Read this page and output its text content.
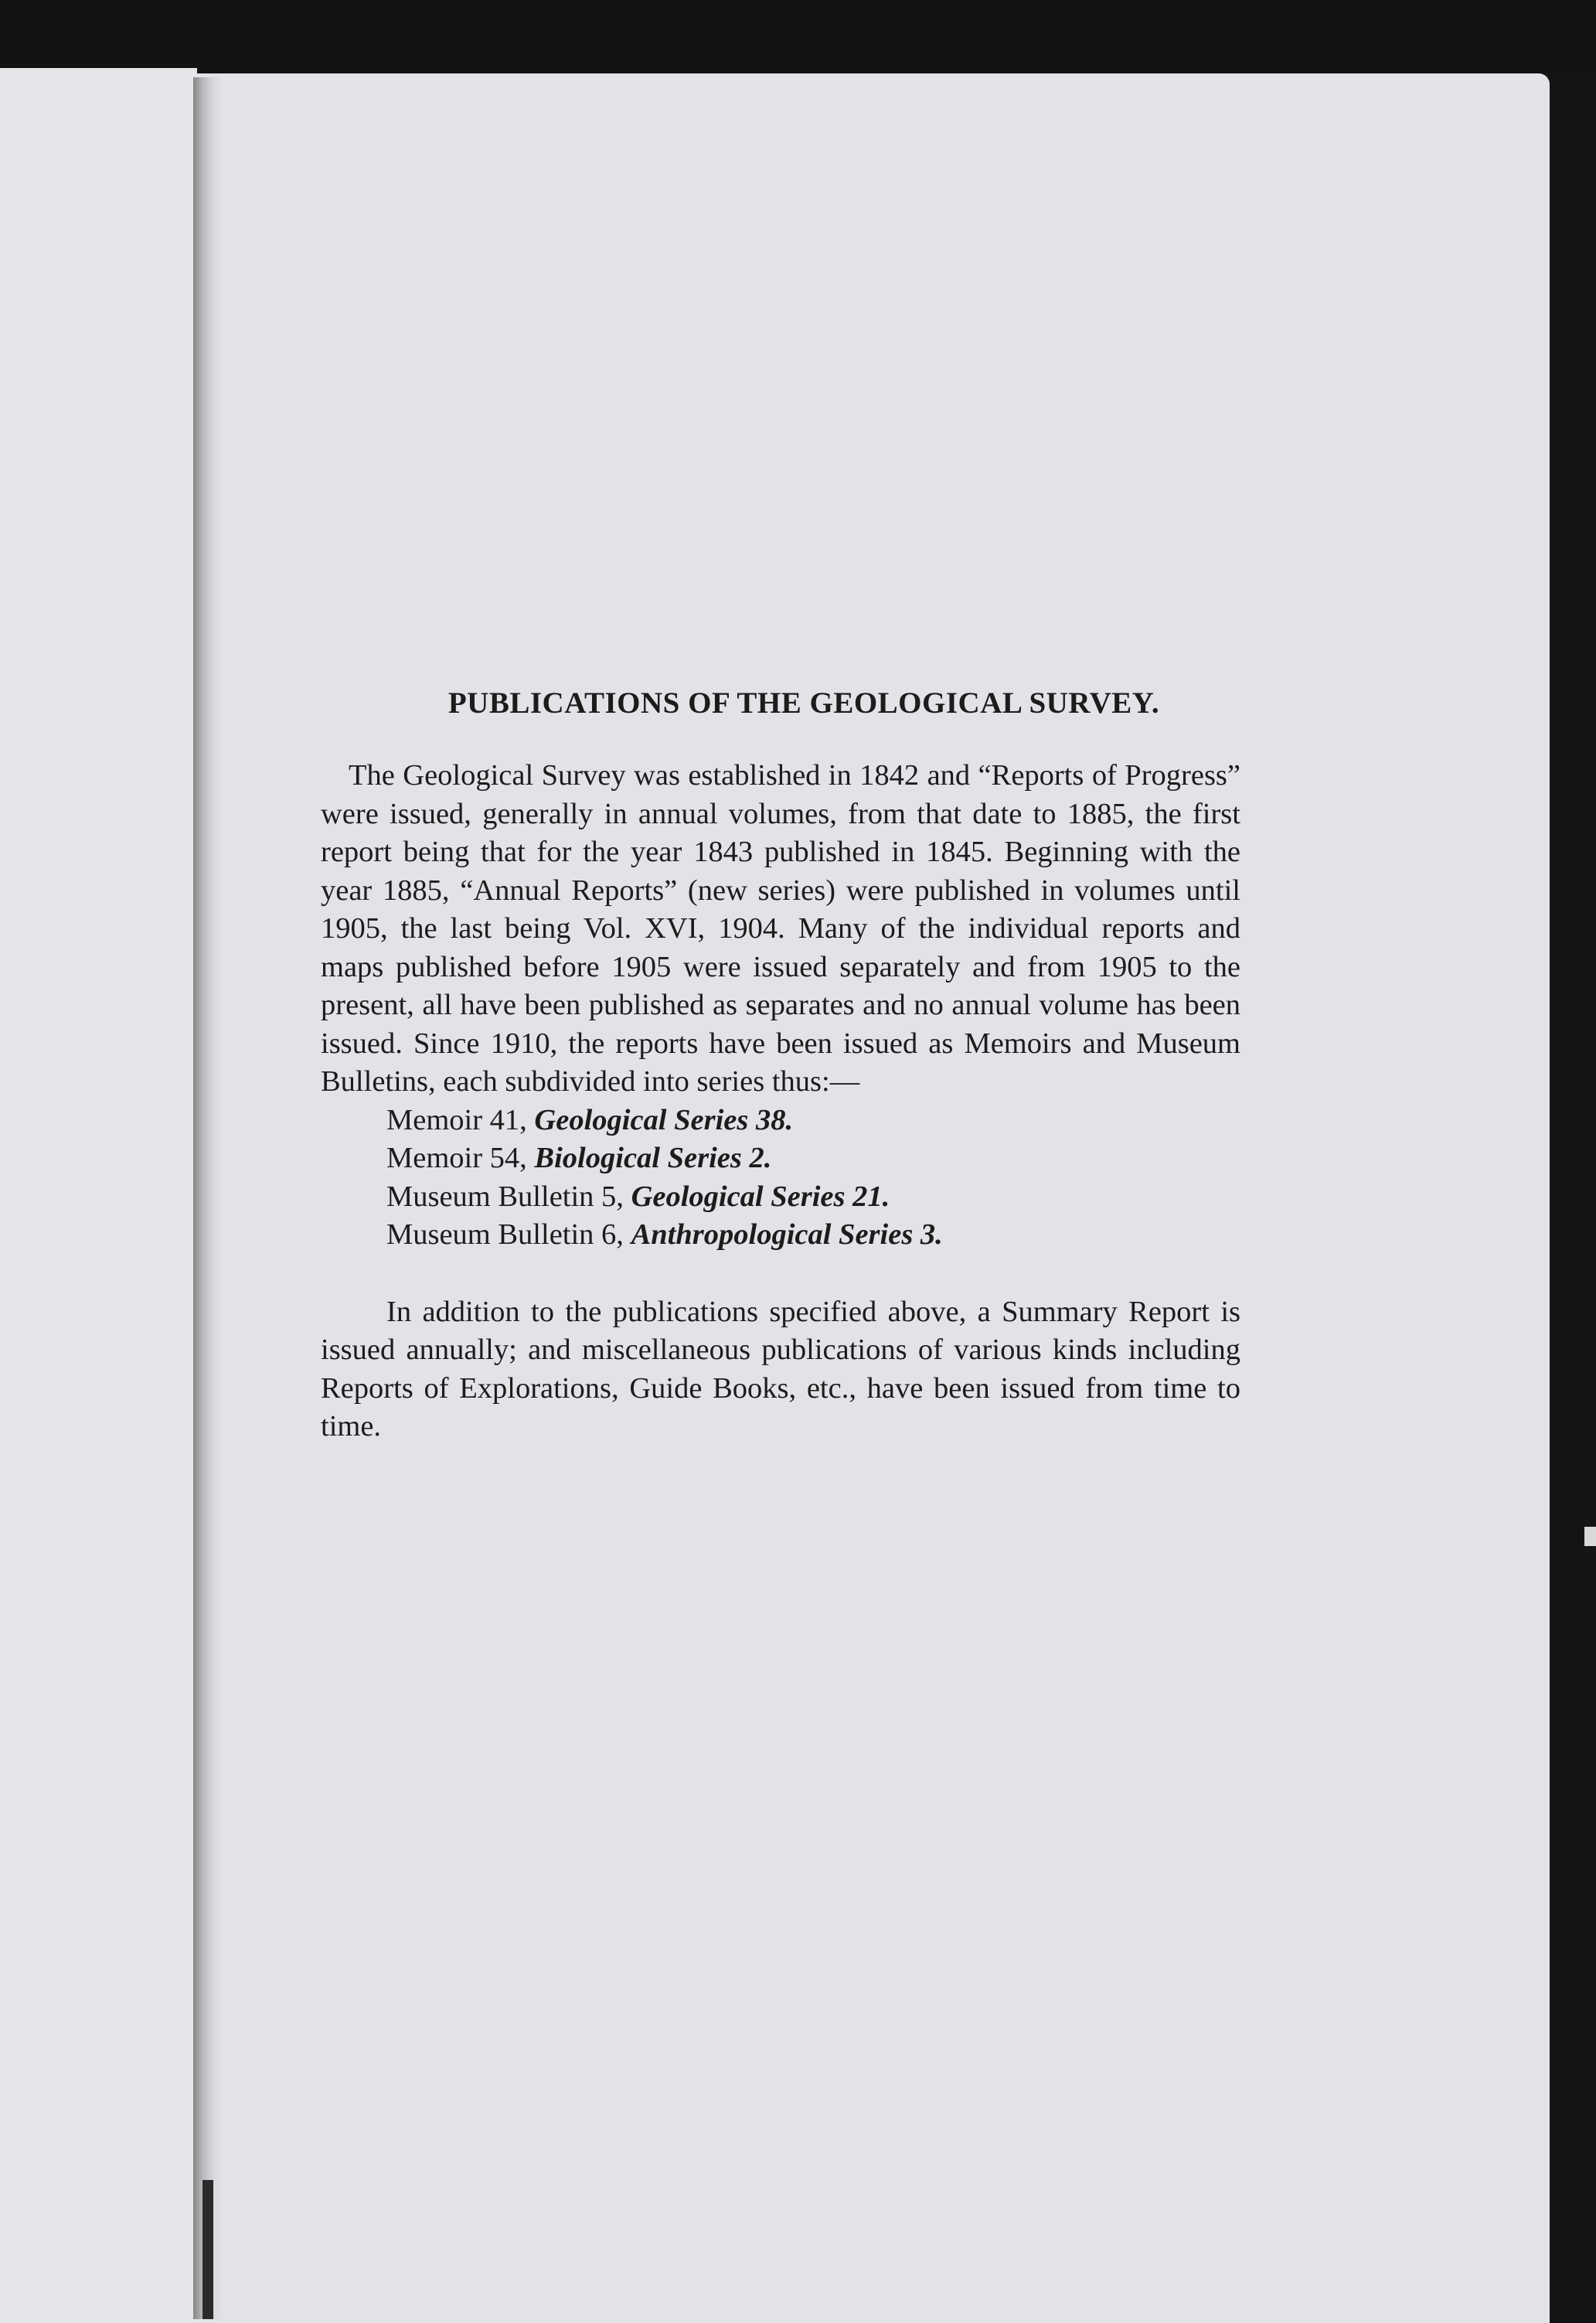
PUBLICATIONS OF THE GEOLOGICAL SURVEY.

The Geological Survey was established in 1842 and “Reports of Progress” were issued, generally in annual volumes, from that date to 1885, the first report being that for the year 1843 published in 1845. Beginning with the year 1885, “Annual Reports” (new series) were published in volumes until 1905, the last being Vol. XVI, 1904. Many of the individual reports and maps published before 1905 were issued separately and from 1905 to the present, all have been published as separates and no annual volume has been issued. Since 1910, the reports have been issued as Memoirs and Museum Bulletins, each subdivided into series thus:—

Memoir 41, Geological Series 38.
Memoir 54, Biological Series 2.
Museum Bulletin 5, Geological Series 21.
Museum Bulletin 6, Anthropological Series 3.

In addition to the publications specified above, a Summary Report is issued annually; and miscellaneous publications of various kinds including Reports of Explorations, Guide Books, etc., have been issued from time to time.
